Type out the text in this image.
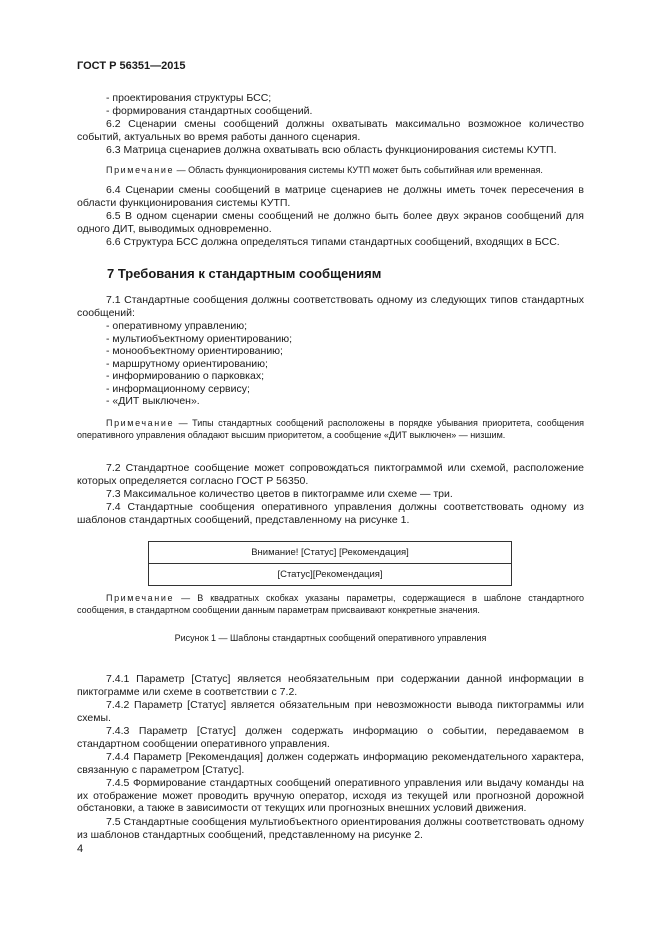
ГОСТ Р 56351—2015
- проектирования структуры БСС;
- формирования стандартных сообщений.

6.2 Сценарии смены сообщений должны охватывать максимально возможное количество событий, актуальных во время работы данного сценария.

6.3 Матрица сценариев должна охватывать всю область функционирования системы КУТП.

Примечание — Область функционирования системы КУТП может быть событийная или временная.

6.4 Сценарии смены сообщений в матрице сценариев не должны иметь точек пересечения в области функционирования системы КУТП.

6.5 В одном сценарии смены сообщений не должно быть более двух экранов сообщений для одного ДИТ, выводимых одновременно.

6.6 Структура БСС должна определяться типами стандартных сообщений, входящих в БСС.

7 Требования к стандартным сообщениям

7.1 Стандартные сообщения должны соответствовать одному из следующих типов стандартных сообщений:

- оперативному управлению;
- мультиобъектному ориентированию;
- монообъектному ориентированию;
- маршрутному ориентированию;
- информированию о парковках;
- информационному сервису;
- «ДИТ выключен».

Примечание — Типы стандартных сообщений расположены в порядке убывания приоритета, сообщения оперативного управления обладают высшим приоритетом, а сообщение «ДИТ выключен» — низшим.

7.2 Стандартное сообщение может сопровождаться пиктограммой или схемой, расположение которых определяется согласно ГОСТ Р 56350.

7.3 Максимальное количество цветов в пиктограмме или схеме — три.

7.4 Стандартные сообщения оперативного управления должны соответствовать одному из шаблонов стандартных сообщений, представленному на рисунке 1.

Внимание! [Статус] [Рекомендация]
[Статус][Рекомендация]

Примечание — В квадратных скобках указаны параметры, содержащиеся в шаблоне стандартного сообщения, в стандартном сообщении данным параметрам присваивают конкретные значения.

Рисунок 1 — Шаблоны стандартных сообщений оперативного управления

7.4.1 Параметр [Статус] является необязательным при содержании данной информации в пиктограмме или схеме в соответствии с 7.2.

7.4.2 Параметр [Статус] является обязательным при невозможности вывода пиктограммы или схемы.

7.4.3 Параметр [Статус] должен содержать информацию о событии, передаваемом в стандартном сообщении оперативного управления.

7.4.4 Параметр [Рекомендация] должен содержать информацию рекомендательного характера, связанную с параметром [Статус].

7.4.5 Формирование стандартных сообщений оперативного управления или выдачу команды на их отображение может проводить вручную оператор, исходя из текущей или прогнозной дорожной обстановки, а также в зависимости от текущих или прогнозных внешних условий движения.

7.5 Стандартные сообщения мультиобъектного ориентирования должны соответствовать одному из шаблонов стандартных сообщений, представленному на рисунке 2.

4
